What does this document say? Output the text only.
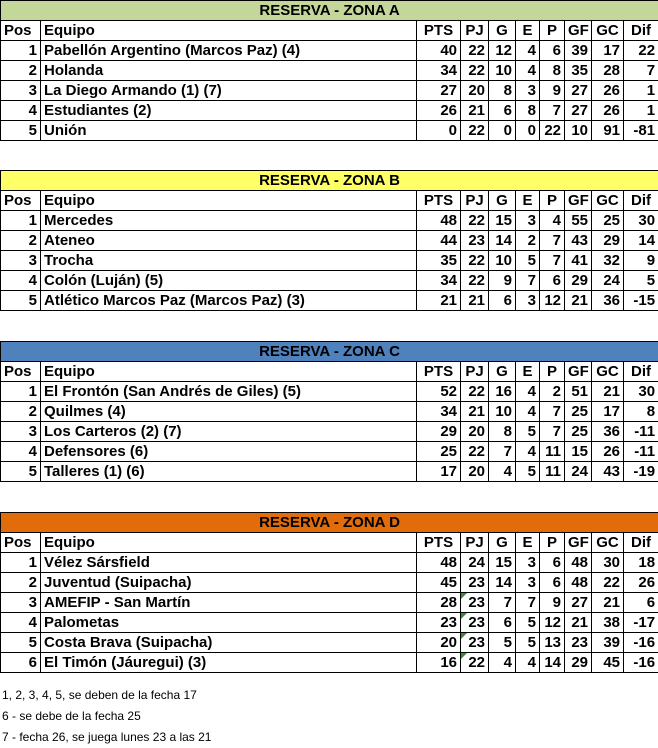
RESERVA - ZONA A									
Pos	Equipo	PTS	PJ	G	E	P	GF	GC	Dif
1	Pabellón Argentino (Marcos Paz) (4)	40	22	12	4	6	39	17	22
2	Holanda	34	22	10	4	8	35	28	7
3	La Diego Armando (1) (7)	27	20	8	3	9	27	26	1
4	Estudiantes (2)	26	21	6	8	7	27	26	1
5	Unión	0	22	0	0	22	10	91	-81
RESERVA - ZONA B									
Pos	Equipo	PTS	PJ	G	E	P	GF	GC	Dif
1	Mercedes	48	22	15	3	4	55	25	30
2	Ateneo	44	23	14	2	7	43	29	14
3	Trocha	35	22	10	5	7	41	32	9
4	Colón (Luján) (5)	34	22	9	7	6	29	24	5
5	Atlético Marcos Paz (Marcos Paz) (3)	21	21	6	3	12	21	36	-15
RESERVA - ZONA C									
Pos	Equipo	PTS	PJ	G	E	P	GF	GC	Dif
1	El Frontón (San Andrés de Giles) (5)	52	22	16	4	2	51	21	30
2	Quilmes (4)	34	21	10	4	7	25	17	8
3	Los Carteros (2) (7)	29	20	8	5	7	25	36	-11
4	Defensores (6)	25	22	7	4	11	15	26	-11
5	Talleres (1) (6)	17	20	4	5	11	24	43	-19
RESERVA - ZONA D									
Pos	Equipo	PTS	PJ	G	E	P	GF	GC	Dif
1	Vélez Sársfield	48	24	15	3	6	48	30	18
2	Juventud (Suipacha)	45	23	14	3	6	48	22	26
3	AMEFIP - San Martín	28	23	7	7	9	27	21	6
4	Palometas	23	23	6	5	12	21	38	-17
5	Costa Brava (Suipacha)	20	23	5	5	13	23	39	-16
6	El Timón (Jáuregui) (3)	16	22	4	4	14	29	45	-16
1, 2, 3, 4, 5, se deben de la fecha 17
6 - se debe de la fecha 25
7 - fecha 26, se juega lunes 23 a las 21
